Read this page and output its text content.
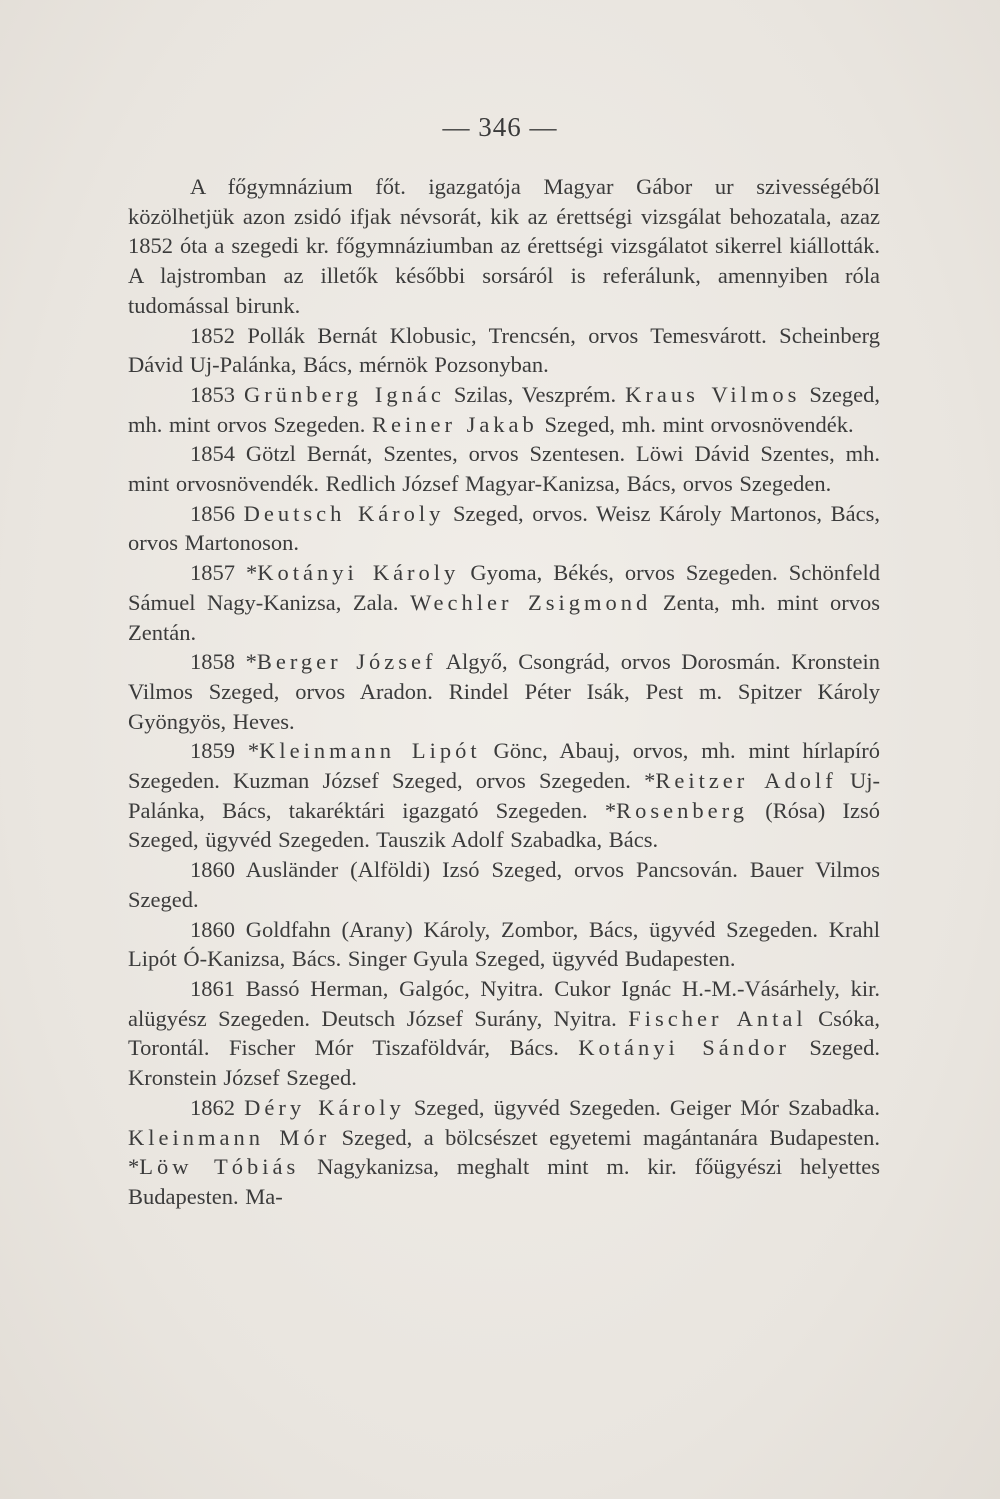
— 346 —

A főgymnázium főt. igazgatója Magyar Gábor ur szivességéből közölhetjük azon zsidó ifjak névsorát, kik az érettségi vizsgálat behozatala, azaz 1852 óta a szegedi kr. főgymnáziumban az érettségi vizsgálatot sikerrel kiállották. A lajstromban az illetők későbbi sorsáról is referálunk, amennyiben róla tudomással birunk.

1852 Pollák Bernát Klobusic, Trencsén, orvos Temesvárott. Scheinberg Dávid Uj-Palánka, Bács, mérnök Pozsonyban.

1853 Grünberg Ignác Szilas, Veszprém. Kraus Vilmos Szeged, mh. mint orvos Szegeden. Reiner Jakab Szeged, mh. mint orvosnövendék.

1854 Götzl Bernát, Szentes, orvos Szentesen. Löwi Dávid Szentes, mh. mint orvosnövendék. Redlich József Magyar-Kanizsa, Bács, orvos Szegeden.

1856 Deutsch Károly Szeged, orvos. Weisz Károly Martonos, Bács, orvos Martonoson.

1857 *Kotányi Károly Gyoma, Békés, orvos Szegeden. Schönfeld Sámuel Nagy-Kanizsa, Zala. Wechler Zsigmond Zenta, mh. mint orvos Zentán.

1858 *Berger József Algyő, Csongrád, orvos Dorosmán. Kronstein Vilmos Szeged, orvos Aradon. Rindel Péter Isák, Pest m. Spitzer Károly Gyöngyös, Heves.

1859 *Kleinmann Lipót Gönc, Abauj, orvos, mh. mint hírlapíró Szegeden. Kuzman József Szeged, orvos Szegeden. *Reitzer Adolf Uj-Palánka, Bács, takaréktári igazgató Szegeden. *Rosenberg (Rósa) Izsó Szeged, ügyvéd Szegeden. Tauszik Adolf Szabadka, Bács.

1860 Ausländer (Alföldi) Izsó Szeged, orvos Pancsován. Bauer Vilmos Szeged.

1860 Goldfahn (Arany) Károly, Zombor, Bács, ügyvéd Szegeden. Krahl Lipót Ó-Kanizsa, Bács. Singer Gyula Szeged, ügyvéd Budapesten.

1861 Bassó Herman, Galgóc, Nyitra. Cukor Ignác H.-M.-Vásárhely, kir. alügyész Szegeden. Deutsch József Surány, Nyitra. Fischer Antal Csóka, Torontál. Fischer Mór Tiszaföldvár, Bács. Kotányi Sándor Szeged. Kronstein József Szeged.

1862 Déry Károly Szeged, ügyvéd Szegeden. Geiger Mór Szabadka. Kleinmann Mór Szeged, a bölcsészet egyetemi magántanára Budapesten. *Löw Tóbiás Nagykanizsa, meghalt mint m. kir. főügyészi helyettes Budapesten. Ma-
